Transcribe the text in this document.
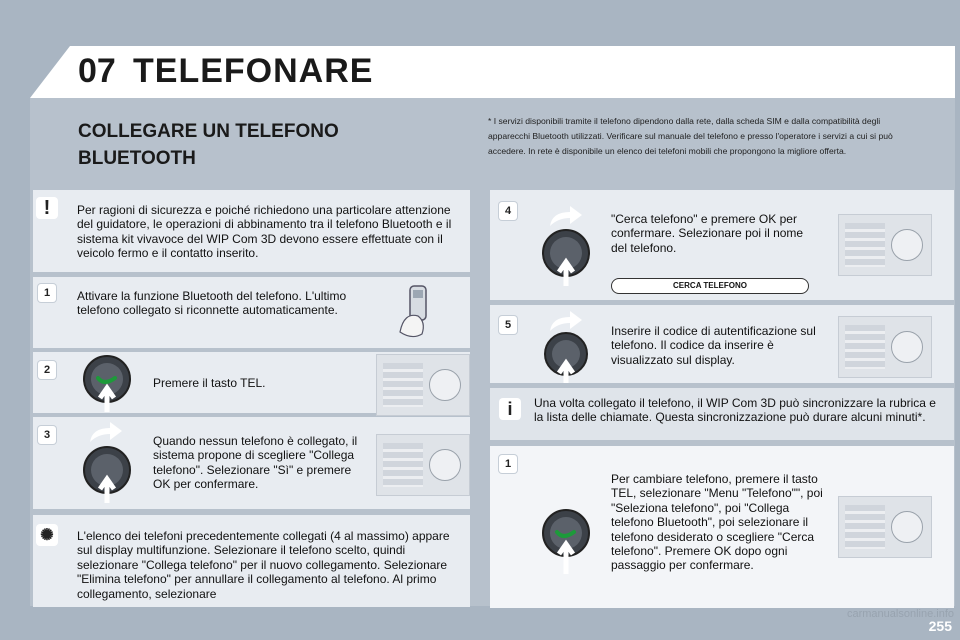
07 TELEFONARE
COLLEGARE UN TELEFONO BLUETOOTH
* I servizi disponibili tramite il telefono dipendono dalla rete, dalla scheda SIM e dalla compatibilità degli apparecchi Bluetooth utilizzati. Verificare sul manuale del telefono e presso l'operatore i servizi a cui si può accedere. In rete è disponibile un elenco dei telefoni mobili che propongono la migliore offerta.
!	Per ragioni di sicurezza e poiché richiedono una particolare attenzione del guidatore, le operazioni di abbinamento tra il telefono Bluetooth e il sistema kit vivavoce del WIP Com 3D devono essere effettuate con il veicolo fermo e il contatto inserito.
1	Attivare la funzione Bluetooth del telefono. L'ultimo telefono collegato si riconnette automaticamente.
2
Premere il tasto TEL.
3	Quando nessun telefono è collegato, il sistema propone di scegliere "Collega telefono". Selezionare "Sì" e premere OK per confermare.
✺	L'elenco dei telefoni precedentemente collegati (4 al massimo) appare sul display multifunzione. Selezionare il telefono scelto, quindi selezionare "Collega telefono" per il nuovo collegamento. Selezionare "Elimina telefono" per annullare il collegamento al telefono. Al primo collegamento, selezionare
4
"Cerca telefono" e premere OK per confermare. Selezionare poi il nome del telefono.
CERCA TELEFONO
5	Inserire il codice di autentificazione sul telefono. Il codice da inserire è visualizzato sul display.
i	Una volta collegato il telefono, il WIP Com 3D può sincronizzare la rubrica e la lista delle chiamate. Questa sincronizzazione può durare alcuni minuti*.
1
Per cambiare telefono, premere il tasto TEL, selezionare "Menu "Telefono"", poi "Seleziona telefono", poi "Collega telefono Bluetooth", poi selezionare il telefono desiderato o scegliere "Cerca telefono". Premere OK dopo ogni passaggio per confermare.
carmanualsonline.info
255
